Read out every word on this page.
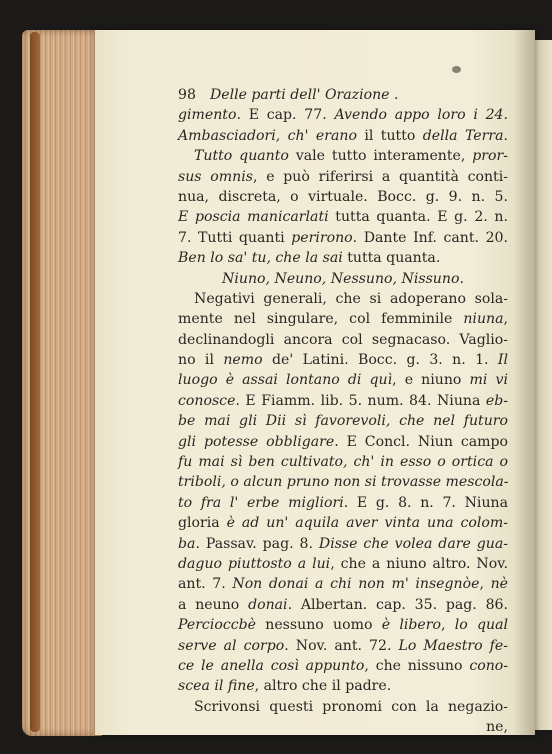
98 Delle parti dell' Orazione .
gimento. E cap. 77. Avendo appo loro i 24.
Ambasciadori, ch' erano il tutto della Terra.
Tutto quanto vale tutto interamente, pror-
sus omnis, e può riferirsi a quantità conti-
nua, discreta, o virtuale. Bocc. g. 9. n. 5.
E poscia manicarlati tutta quanta. E g. 2. n.
7. Tutti quanti perirono. Dante Inf. cant. 20.
Ben lo sa' tu, che la sai tutta quanta.
Niuno, Neuno, Nessuno, Nissuno.
Negativi generali, che si adoperano sola-
mente nel singulare, col femminile niuna,
declinandogli ancora col segnacaso. Vaglio-
no il nemo de' Latini. Bocc. g. 3. n. 1. Il
luogo è assai lontano di quì, e niuno mi vi
conosce. E Fiamm. lib. 5. num. 84. Niuna eb-
be mai gli Dii sì favorevoli, che nel futuro
gli potesse obbligare. E Concl. Niun campo
fu mai sì ben cultivato, ch' in esso o ortica o
triboli, o alcun pruno non si trovasse mescola-
to fra l' erbe migliori. E g. 8. n. 7. Niuna
gloria è ad un' aquila aver vinta una colom-
ba. Passav. pag. 8. Disse che volea dare gua-
daguo piuttosto a lui, che a niuno altro. Nov.
ant. 7. Non donai a chi non m' insegnòe, nè
a neuno donai. Albertan. cap. 35. pag. 86.
Percioccbè nessuno uomo è libero, lo qual
serve al corpo. Nov. ant. 72. Lo Maestro fe-
ce le anella così appunto, che nissuno cono-
scea il fine, altro che il padre.
Scrivonsi questi pronomi con la negazio-
ne,
